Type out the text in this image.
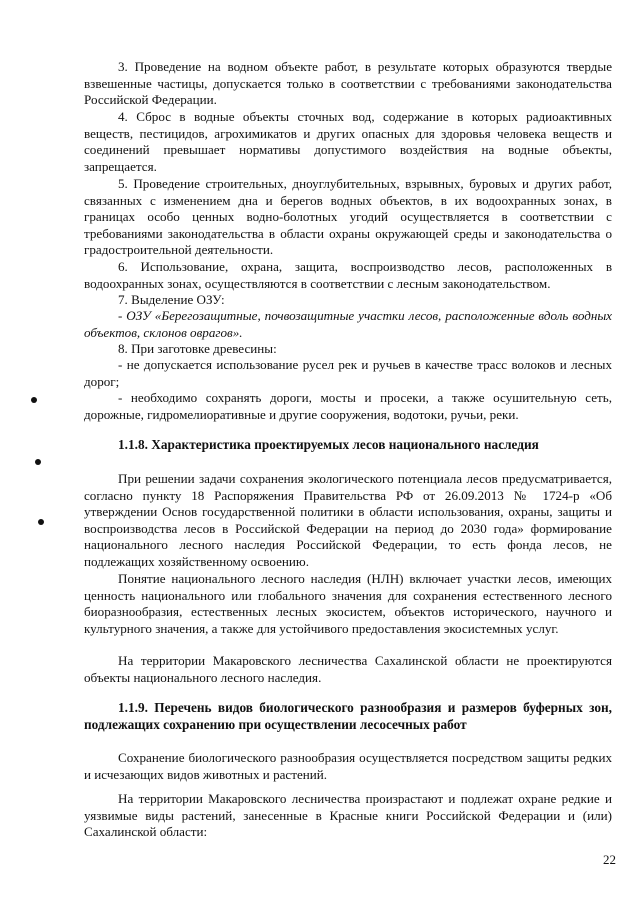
3. Проведение на водном объекте работ, в результате которых образуются твердые взвешенные частицы, допускается только в соответствии с требованиями законодательства Российской Федерации.

4. Сброс в водные объекты сточных вод, содержание в которых радиоактивных веществ, пестицидов, агрохимикатов и других опасных для здоровья человека веществ и соединений превышает нормативы допустимого воздействия на водные объекты, запрещается.

5. Проведение строительных, дноуглубительных, взрывных, буровых и других работ, связанных с изменением дна и берегов водных объектов, в их водоохранных зонах, в границах особо ценных водно-болотных угодий осуществляется в соответствии с требованиями законодательства в области охраны окружающей среды и законодательства о градостроительной деятельности.

6. Использование, охрана, защита, воспроизводство лесов, расположенных в водоохранных зонах, осуществляются в соответствии с лесным законодательством.

7. Выделение ОЗУ:

- ОЗУ «Берегозащитные, почвозащитные участки лесов, расположенные вдоль водных объектов, склонов оврагов».

8. При заготовке древесины:

- не допускается использование русел рек и ручьев в качестве трасс волоков и лесных дорог;

- необходимо сохранять дороги, мосты и просеки, а также осушительную сеть, дорожные, гидромелиоративные и другие сооружения, водотоки, ручьи, реки.

1.1.8. Характеристика проектируемых лесов национального наследия

При решении задачи сохранения экологического потенциала лесов предусматривается, согласно пункту 18 Распоряжения Правительства РФ от 26.09.2013 № 1724-р «Об утверждении Основ государственной политики в области использования, охраны, защиты и воспроизводства лесов в Российской Федерации на период до 2030 года» формирование национального лесного наследия Российской Федерации, то есть фонда лесов, не подлежащих хозяйственному освоению.

Понятие национального лесного наследия (НЛН) включает участки лесов, имеющих ценность национального или глобального значения для сохранения естественного лесного биоразнообразия, естественных лесных экосистем, объектов исторического, научного и культурного значения, а также для устойчивого предоставления экосистемных услуг.

На территории Макаровского лесничества Сахалинской области не проектируются объекты национального лесного наследия.

1.1.9. Перечень видов биологического разнообразия и размеров буферных зон, подлежащих сохранению при осуществлении лесосечных работ

Сохранение биологического разнообразия осуществляется посредством защиты редких и исчезающих видов животных и растений.

На территории Макаровского лесничества произрастают и подлежат охране редкие и уязвимые виды растений, занесенные в Красные книги Российской Федерации и (или) Сахалинской области:

22
